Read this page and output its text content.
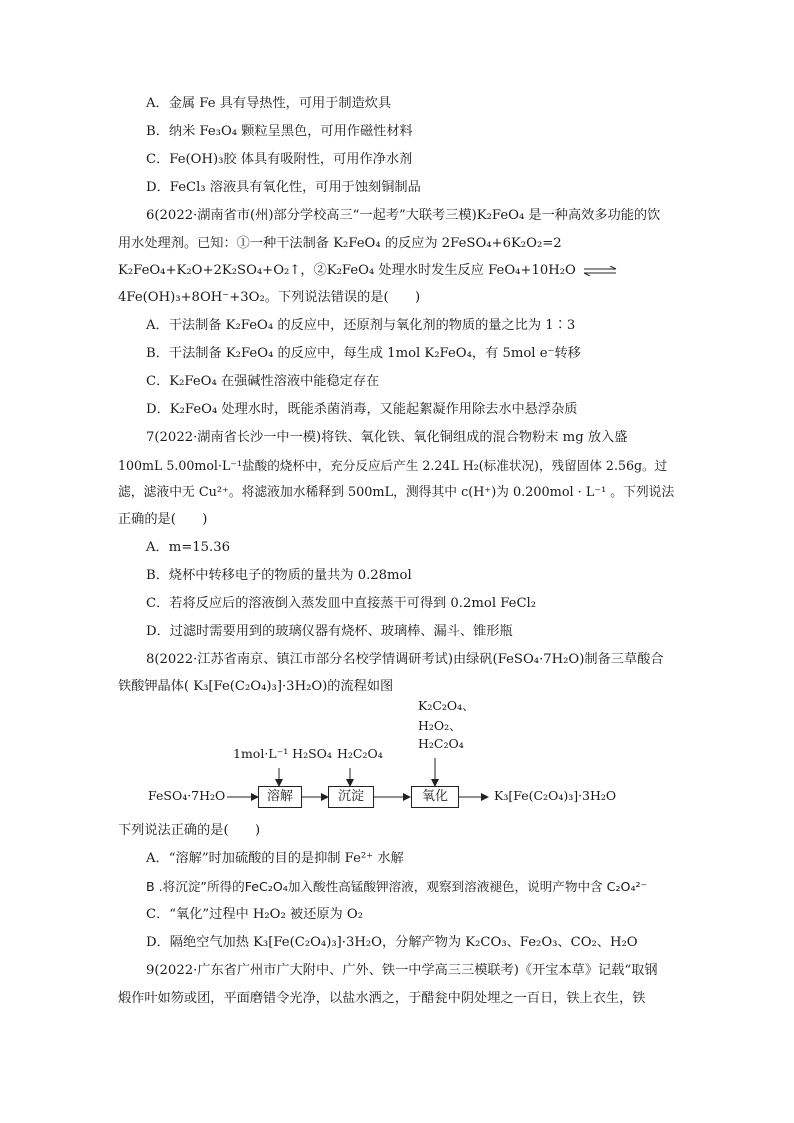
A．金属 Fe 具有导热性，可用于制造炊具
B．纳米 Fe₃O₄ 颗粒呈黑色，可用作磁性材料
C．Fe(OH)₃胶 体具有吸附性，可用作净水剂
D．FeCl₃ 溶液具有氧化性，可用于蚀刻铜制品
6(2022·湖南省市(州)部分学校高三“一起考”大联考三模)K₂FeO₄ 是一种高效多功能的饮
用水处理剂。已知：①一种干法制备 K₂FeO₄ 的反应为 2FeSO₄+6K₂O₂=2
K₂FeO₄+K₂O+2K₂SO₄+O₂↑，②K₂FeO₄ 处理水时发生反应 FeO₄+10H₂O ⇌
4Fe(OH)₃+8OH⁻+3O₂。下列说法错误的是(　　)
A．干法制备 K₂FeO₄ 的反应中，还原剂与氧化剂的物质的量之比为 1∶3
B．干法制备 K₂FeO₄ 的反应中，每生成 1mol K₂FeO₄，有 5mol e⁻转移
C．K₂FeO₄ 在强碱性溶液中能稳定存在
D．K₂FeO₄ 处理水时，既能杀菌消毒，又能起絮凝作用除去水中悬浮杂质
7(2022·湖南省长沙一中一模)将铁、氧化铁、氧化铜组成的混合物粉末 mg 放入盛
100mL 5.00mol·L⁻¹盐酸的烧杯中，充分反应后产生 2.24L H₂(标准状况)，残留固体 2.56g。过
滤，滤液中无 Cu²⁺。将滤液加水稀释到 500mL，测得其中 c(H⁺)为 0.200mol · L⁻¹ 。下列说法
正确的是(　　)
A．m=15.36
B．烧杯中转移电子的物质的量共为 0.28mol
C．若将反应后的溶液倒入蒸发皿中直接蒸干可得到 0.2mol FeCl₂
D．过滤时需要用到的玻璃仪器有烧杯、玻璃棒、漏斗、锥形瓶
8(2022·江苏省南京、镇江市部分名校学情调研考试)由绿矾(FeSO₄·7H₂O)制备三草酸合
铁酸钾晶体( K₃[Fe(C₂O₄)₃]·3H₂O)的流程如图
K₂C₂O₄、
H₂O₂、
H₂C₂O₄
1mol·L⁻¹ H₂SO₄ H₂C₂O₄
FeSO₄·7H₂O	溶解	沉淀	氧化	K₃[Fe(C₂O₄)₃]·3H₂O
下列说法正确的是(　　)
A．“溶解”时加硫酸的目的是抑制 Fe²⁺ 水解
B .将沉淀”所得的FeC₂O₄加入酸性高锰酸钾溶液，观察到溶液褪色，说明产物中含 C₂O₄²⁻
C．“氧化”过程中 H₂O₂ 被还原为 O₂
D．隔绝空气加热 K₃[Fe(C₂O₄)₃]·3H₂O，分解产物为 K₂CO₃、Fe₂O₃、CO₂、H₂O
9(2022·广东省广州市广大附中、广外、铁一中学高三三模联考)《开宝本草》记载“取钢
煅作叶如笏或团，平面磨错令光净，以盐水洒之，于醋瓮中阴处埋之一百日，铁上衣生，铁
